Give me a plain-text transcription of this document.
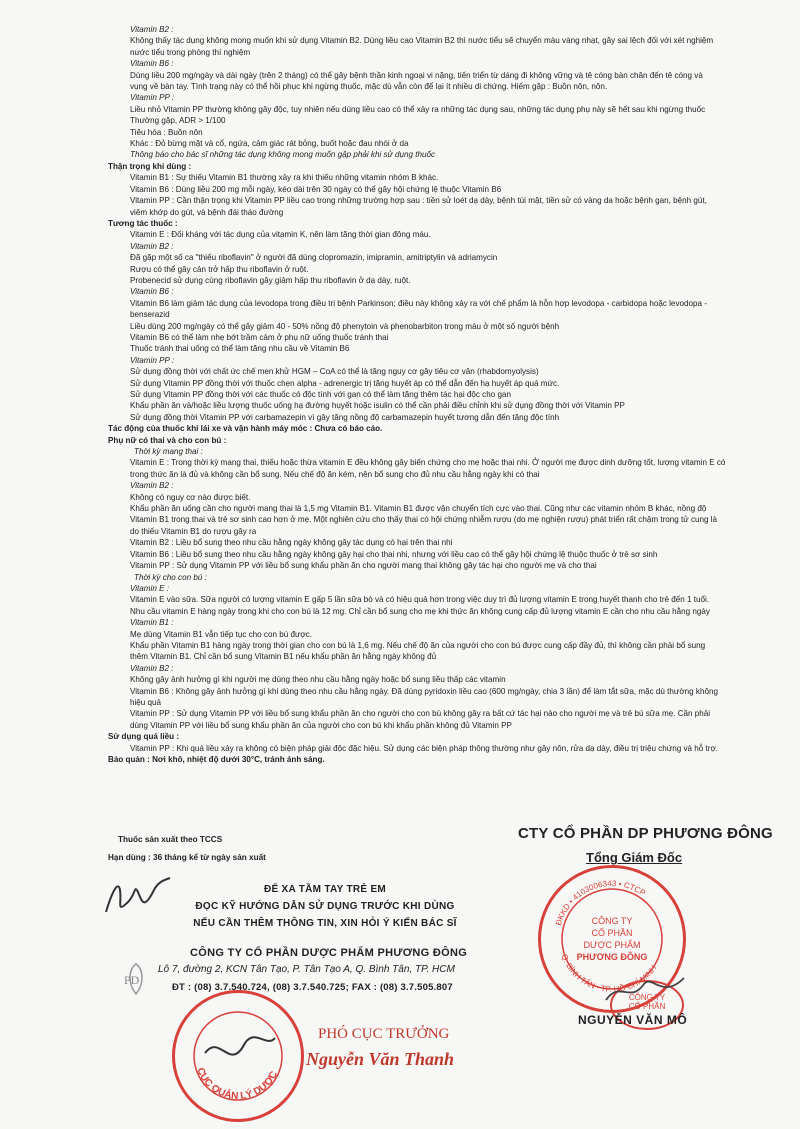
Vitamin B2 :

Không thấy tác dụng không mong muốn khi sử dụng Vitamin B2. Dùng liều cao Vitamin B2 thì nước tiểu sẽ chuyển màu vàng nhạt, gây sai lệch đối với xét nghiệm

nước tiểu trong phòng thí nghiệm

Vitamin B6 :

Dùng liều 200 mg/ngày và dài ngày (trên 2 tháng) có thể gây bệnh thần kinh ngoại vi nặng, tiến triển từ dáng đi không vững và tê cóng bàn chân đến tê cóng và

vụng về bàn tay. Tình trạng này có thể hồi phục khi ngừng thuốc, mặc dù vẫn còn để lại ít nhiều di chứng. Hiếm gặp : Buồn nôn, nôn.

Vitamin PP :

Liều nhỏ Vitamin PP thường không gây độc, tuy nhiên nếu dùng liều cao có thể xảy ra những tác dụng sau, những tác dụng phụ này sẽ hết sau khi ngừng thuốc

Thường gặp, ADR > 1/100

Tiêu hóa : Buồn nôn

Khác : Đỏ bừng mặt và cổ, ngứa, cảm giác rát bỏng, buốt hoặc đau nhói ở da

Thông báo cho bác sĩ những tác dụng không mong muốn gặp phải khi sử dụng thuốc

Thận trọng khi dùng :

Vitamin B1 : Sự thiếu Vitamin B1 thường xảy ra khi thiếu những vitamin nhóm B khác.

Vitamin B6 : Dùng liều 200 mg mỗi ngày, kéo dài trên 30 ngày có thể gây hội chứng lệ thuộc Vitamin B6

Vitamin PP : Cần thận trọng khi Vitamin PP liều cao trong những trường hợp sau : tiền sử loét dạ dày, bệnh túi mật, tiền sử có vàng da hoặc bệnh gan, bệnh gút,

viêm khớp do gút, và bệnh đái tháo đường

Tương tác thuốc :

Vitamin E : Đối kháng với tác dụng của vitamin K, nên làm tăng thời gian đông máu.

Vitamin B2 :

Đã gặp một số ca "thiếu riboflavin" ở người đã dùng clopromazin, imipramin, amitriptylin và adriamycin

Rượu có thể gây cản trở hấp thu riboflavin ở ruột.

Probenecid sử dụng cùng riboflavin gây giảm hấp thu riboflavin ở dạ dày, ruột.

Vitamin B6 :

Vitamin B6 làm giảm tác dụng của levodopa trong điều trị bệnh Parkinson; điều này không xảy ra với chế phẩm là hỗn hợp levodopa - carbidopa hoặc levodopa -

benserazid

Liều dùng 200 mg/ngày có thể gây giảm 40 - 50% nồng độ phenytoin và phenobarbiton trong máu ở một số người bệnh

Vitamin B6 có thể làm nhẹ bớt trầm cảm ở phụ nữ uống thuốc tránh thai

Thuốc tránh thai uống có thể làm tăng nhu cầu về Vitamin B6

Vitamin PP :

Sử dụng đồng thời với chất ức chế men khử HGM – CoA có thể là tăng nguy cơ gây tiêu cơ vân (rhabdomyolysis)

Sử dụng Vitamin PP đồng thời với thuốc chẹn alpha - adrenergic trị tăng huyết áp có thể dẫn đến hạ huyết áp quá mức.

Sử dụng Vitamin PP đồng thời với các thuốc có độc tính với gan có thể làm tăng thêm tác hại độc cho gan

Khẩu phần ăn và/hoặc liều lượng thuốc uống hạ đường huyết hoặc isulin có thể cần phải điều chỉnh khi sử dụng đồng thời với Vitamin PP

Sử dụng đồng thời Vitamin PP với carbamazepin vì gây tăng nồng độ carbamazepin huyết tương dẫn đến tăng độc tính

Tác động của thuốc khi lái xe và vận hành máy móc : Chưa có báo cáo.

Phụ nữ có thai và cho con bú :

Thời kỳ mang thai :

Vitamin E : Trong thời kỳ mang thai, thiếu hoặc thừa vitamin E đều không gây biến chứng cho mẹ hoặc thai nhi. Ở người mẹ được dinh dưỡng tốt, lượng vitamin E có

trong thức ăn là đủ và không cần bổ sung. Nếu chế độ ăn kém, nên bổ sung cho đủ nhu cầu hằng ngày khi có thai

Vitamin B2 :

Không có nguy cơ nào được biết.

Khẩu phần ăn uống cần cho người mang thai là 1,5 mg Vitamin B1. Vitamin B1 được vận chuyển tích cực vào thai. Cũng như các vitamin nhóm B khác, nồng độ

Vitamin B1 trong thai và trẻ sơ sinh cao hơn ở mẹ. Một nghiên cứu cho thấy thai có hội chứng nhiễm rượu (do mẹ nghiện rượu) phát triển rất chậm trong tử cung là

do thiếu Vitamin B1 do rượu gây ra

Vitamin B2 : Liều bổ sung theo nhu cầu hằng ngày không gây tác dụng có hại trên thai nhi

Vitamin B6 : Liều bổ sung theo nhu cầu hằng ngày không gây hại cho thai nhi, nhưng với liều cao có thể gây hội chứng lệ thuộc thuốc ở trẻ sơ sinh

Vitamin PP : Sử dụng Vitamin PP với liều bổ sung khẩu phần ăn cho người mang thai không gây tác hại cho người mẹ và cho thai

Thời kỳ cho con bú :

Vitamin E :

Vitamin E vào sữa. Sữa người có lượng vitamin E gấp 5 lần sữa bò và có hiệu quả hơn trong việc duy trì đủ lượng vitamin E trong huyết thanh cho trẻ đến 1 tuổi.

Nhu cầu vitamin E hàng ngày trong khi cho con bú là 12 mg. Chỉ cần bổ sung cho mẹ khi thức ăn không cung cấp đủ lượng vitamin E cần cho nhu cầu hằng ngày

Vitamin B1 :

Mẹ dùng Vitamin B1 vẫn tiếp tục cho con bú được.

Khẩu phần Vitamin B1 hàng ngày trong thời gian cho con bú là 1,6 mg. Nếu chế độ ăn của người cho con bú được cung cấp đầy đủ, thì không cần phải bổ sung

thêm Vitamin B1. Chỉ cần bổ sung Vitamin B1 nếu khẩu phần ăn hằng ngày không đủ

Vitamin B2 :

Không gây ảnh hưởng gì khi người mẹ dùng theo nhu cầu hằng ngày hoặc bổ sung liều thấp các vitamin

Vitamin B6 : Không gây ảnh hưởng gì khi dùng theo nhu cầu hằng ngày. Đã dùng pyridoxin liều cao (600 mg/ngày, chia 3 lần) để làm tắt sữa, mặc dù thường không

hiệu quả

Vitamin PP : Sử dụng Vitamin PP với liều bổ sung khẩu phần ăn cho người cho con bú không gây ra bất cứ tác hại nào cho người mẹ và trẻ bú sữa mẹ. Cần phải

dùng Vitamin PP với liều bổ sung khẩu phần ăn của người cho con bú khi khẩu phần không đủ Vitamin PP

Sử dụng quá liều :

Vitamin PP : Khi quá liều xảy ra không có biện pháp giải độc đặc hiệu. Sử dụng các biện pháp thông thường như gây nôn, rửa dạ dày, điều trị triệu chứng và hỗ trợ.

Bảo quản : Nơi khô, nhiệt độ dưới 30°C, tránh ánh sáng.

Thuốc sản xuất theo TCCS
Hạn dùng : 36 tháng kể từ ngày sản xuất
CTY CỔ PHẦN DP PHƯƠNG ĐÔNG
Tổng Giám Đốc
ĐỂ XA TẦM TAY TRẺ EM
ĐỌC KỸ HƯỚNG DẪN SỬ DỤNG TRƯỚC KHI DÙNG
NẾU CẦN THÊM THÔNG TIN, XIN HỎI Ý KIẾN BÁC SĨ
PD
CÔNG TY CỔ PHẦN DƯỢC PHẨM PHƯƠNG ĐÔNG
Lô 7, đường 2, KCN Tân Tạo, P. Tân Tạo A, Q. Bình Tân, TP. HCM
ĐT : (08) 3.7.540.724, (08) 3.7.540.725; FAX : (08) 3.7.505.807
CỤC QUẢN LÝ DƯỢC
PHÓ CỤC TRƯỞNG
Nguyễn Văn Thanh
ĐKKD • 4103006343 • CTCP
Q. BÌNH TÂN - TP. HỒ CHÍ MINH
CÔNG TY
CỔ PHẦN
DƯỢC PHẨM
PHƯƠNG ĐÔNG
CÔNG TY
CỔ PHẦN
NGUYỄN VĂN MÔ
